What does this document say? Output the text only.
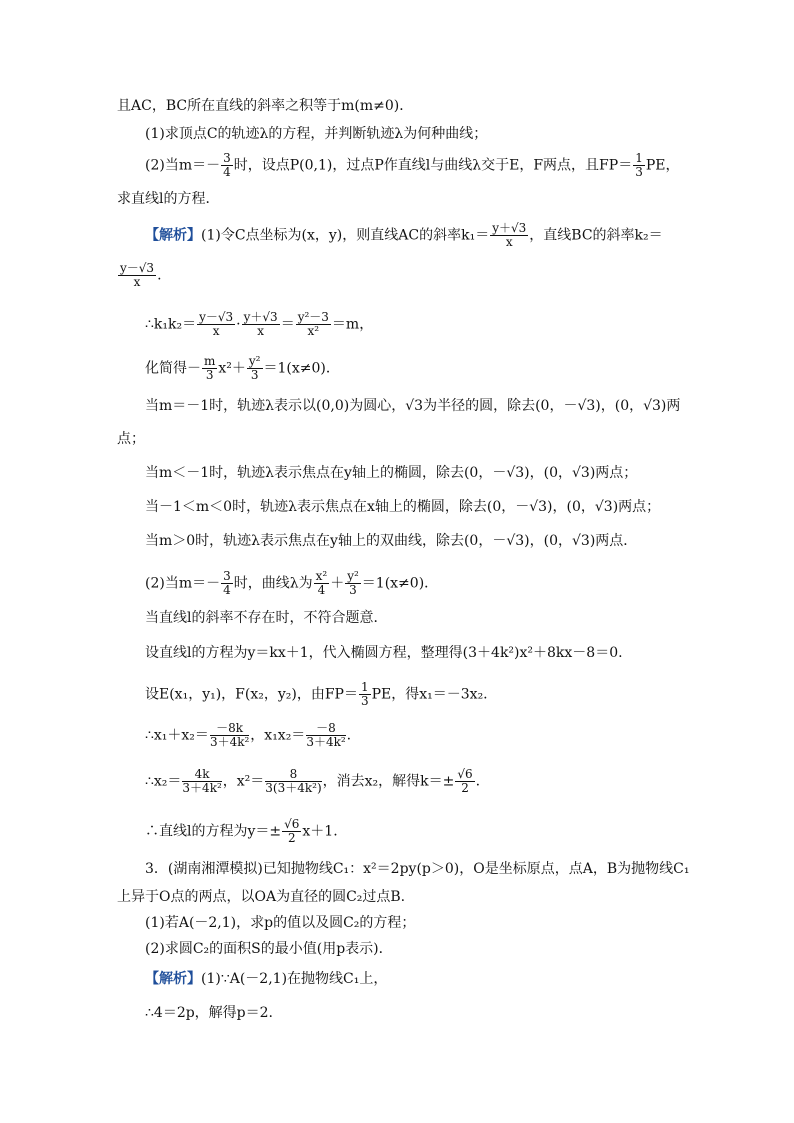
且AC，BC所在直线的斜率之积等于m(m≠0)．
(1)求顶点C的轨迹λ的方程，并判断轨迹λ为何种曲线；
(2)当$m=- \frac{3}{4}$ 时，设点P(0,1)，过点P作直线l与曲线λ交于E，F两点，且$FP= \frac{1}{3}$ PE，
求直线l的方程．
【解析】(1)令C点坐标为(x，y)，则直线AC的斜率$k_1= \frac{y+√3}{x}$ ，直线BC的斜率k₂＝
$\frac{y-√3}{x}$ .
∴k₁k₂＝ $\frac{y-√3}{x} \cdot \frac{y+√3}{x} = \frac{\text{y²－3}}{\text{x²}} =m$，
化简得－ $\frac{m}{3} x^2+ \frac{\text{y²}}{3} =1(x\ne 0)$．
当m＝－1时，轨迹λ表示以(0,0)为圆心，√3为半径的圆，除去(0，－√3)，(0，√3)两
点；
当m＜－1时，轨迹λ表示焦点在y轴上的椭圆，除去(0，－√3)，(0，√3)两点；
当－1＜m＜0时，轨迹λ表示焦点在x轴上的椭圆，除去(0，－√3)，(0，√3)两点；
当m＞0时，轨迹λ表示焦点在y轴上的双曲线，除去(0，－√3)，(0，√3)两点．
(2)当$m=- \frac{3}{4}$ 时，曲线λ为 $\frac{\text{x²}}{4} + \frac{\text{y²}}{3} =1(x\ne 0)$．
当直线l的斜率不存在时，不符合题意．
设直线l的方程为y＝kx＋1，代入椭圆方程，整理得(3＋4k²)x²＋8kx－8＝0.
设E(x₁，y₁)，F(x₂，y₂)，由$FP= \frac{1}{3}$ PE，得x₁＝－3x₂.
∴x₁＋x₂＝ $\frac{-8k}{\text{3＋4k²}}$ ，$x_1x_2= \frac{-8}{\text{3＋4k²}}$ .
∴x₂＝ $\frac{4k}{\text{3＋4k²}}$ ，$x^2= \frac{8}{\text{3(3＋4k²)}}$ ，消去x₂，解得$k=\pm \frac{√6}{2}$ .
∴直线l的方程为$y=\pm \frac{√6}{2} x+1$.
3．(湖南湘潭模拟)已知抛物线C₁：x²＝2py(p＞0)，O是坐标原点，点A，B为抛物线C₁
上异于O点的两点，以OA为直径的圆C₂过点B.
(1)若A(－2,1)，求p的值以及圆C₂的方程；
(2)求圆C₂的面积S的最小值(用p表示)．
【解析】(1)∵A(－2,1)在抛物线C₁上，
∴4＝2p，解得p＝2.
